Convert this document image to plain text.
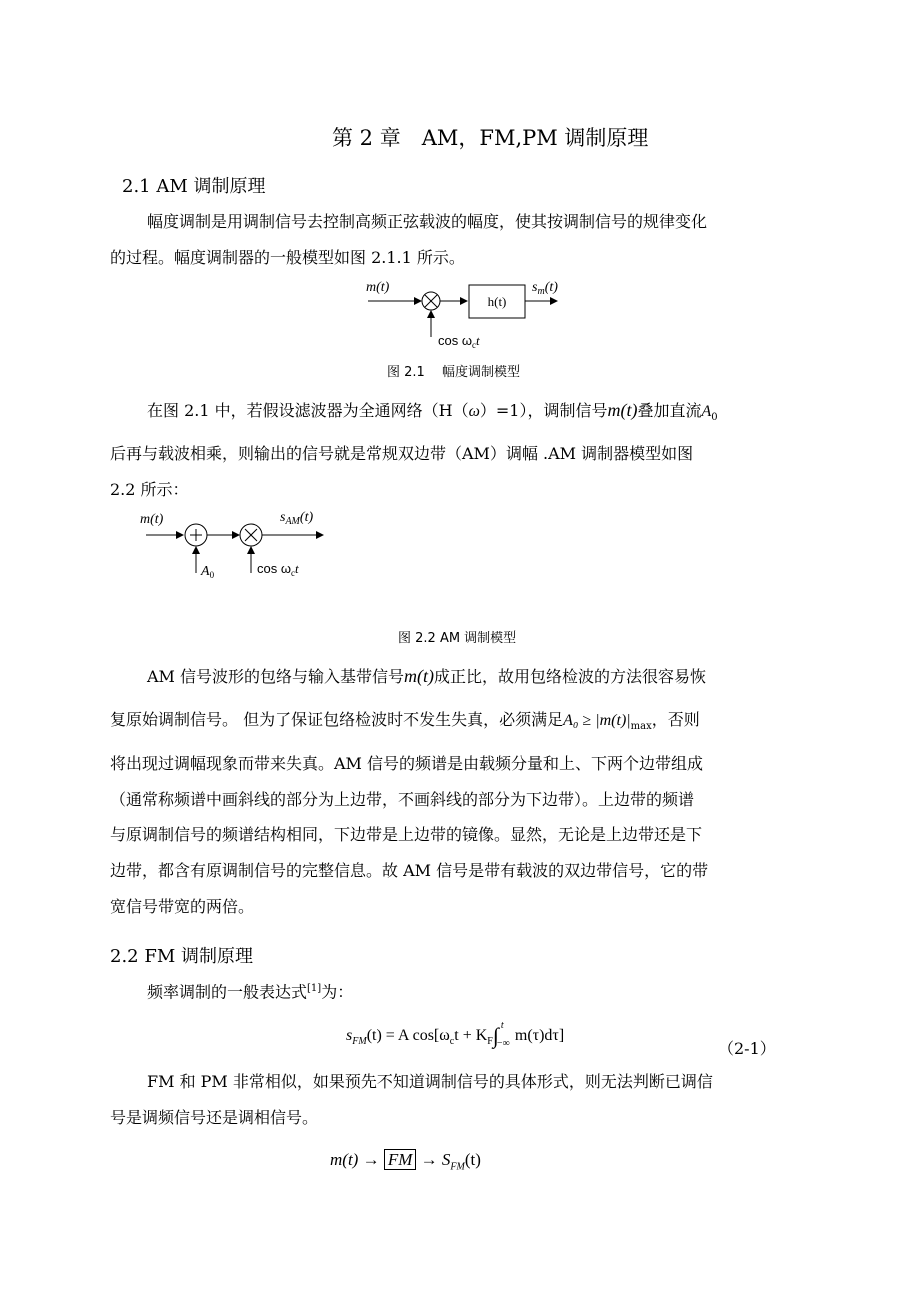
第 2 章　AM，FM,PM 调制原理
2.1 AM 调制原理
幅度调制是用调制信号去控制高频正弦载波的幅度，使其按调制信号的规律变化
的过程。幅度调制器的一般模型如图 2.1.1 所示。
m(t)
h(t)
$s_m(t)$
$\cos \omega_ct$
图 2.1　 幅度调制模型
在图 2.1 中，若假设滤波器为全通网络（H（ω）=1），调制信号m(t)叠加直流$A_0$
后再与载波相乘，则输出的信号就是常规双边带（AM）调幅 .AM 调制器模型如图
2.2 所示：
m(t)	$s_{AM}(t)$
$A_0$	$\cos \omega_ct$
图 2.2 AM 调制模型
AM 信号波形的包络与输入基带信号m(t)成正比，故用包络检波的方法很容易恢
复原始调制信号。 但为了保证包络检波时不发生失真，必须满足$A_0 \ge |m(t)|_{max}$，否则
将出现过调幅现象而带来失真。AM 信号的频谱是由载频分量和上、下两个边带组成
（通常称频谱中画斜线的部分为上边带，不画斜线的部分为下边带）。上边带的频谱
与原调制信号的频谱结构相同，下边带是上边带的镜像。显然，无论是上边带还是下
边带，都含有原调制信号的完整信息。故 AM 信号是带有载波的双边带信号，它的带
宽信号带宽的两倍。
2.2 FM 调制原理
频率调制的一般表达式[1]为：
$s_{FM}(t) = A$ $\cos[\omega_ct + K_F\int$ t
−∞ m(τ)dτ]
（2-1）
FM 和 PM 非常相似，如果预先不知道调制信号的具体形式，则无法判断已调信
号是调频信号还是调相信号。
m(t) → FM → $S_{FM}(t)$
